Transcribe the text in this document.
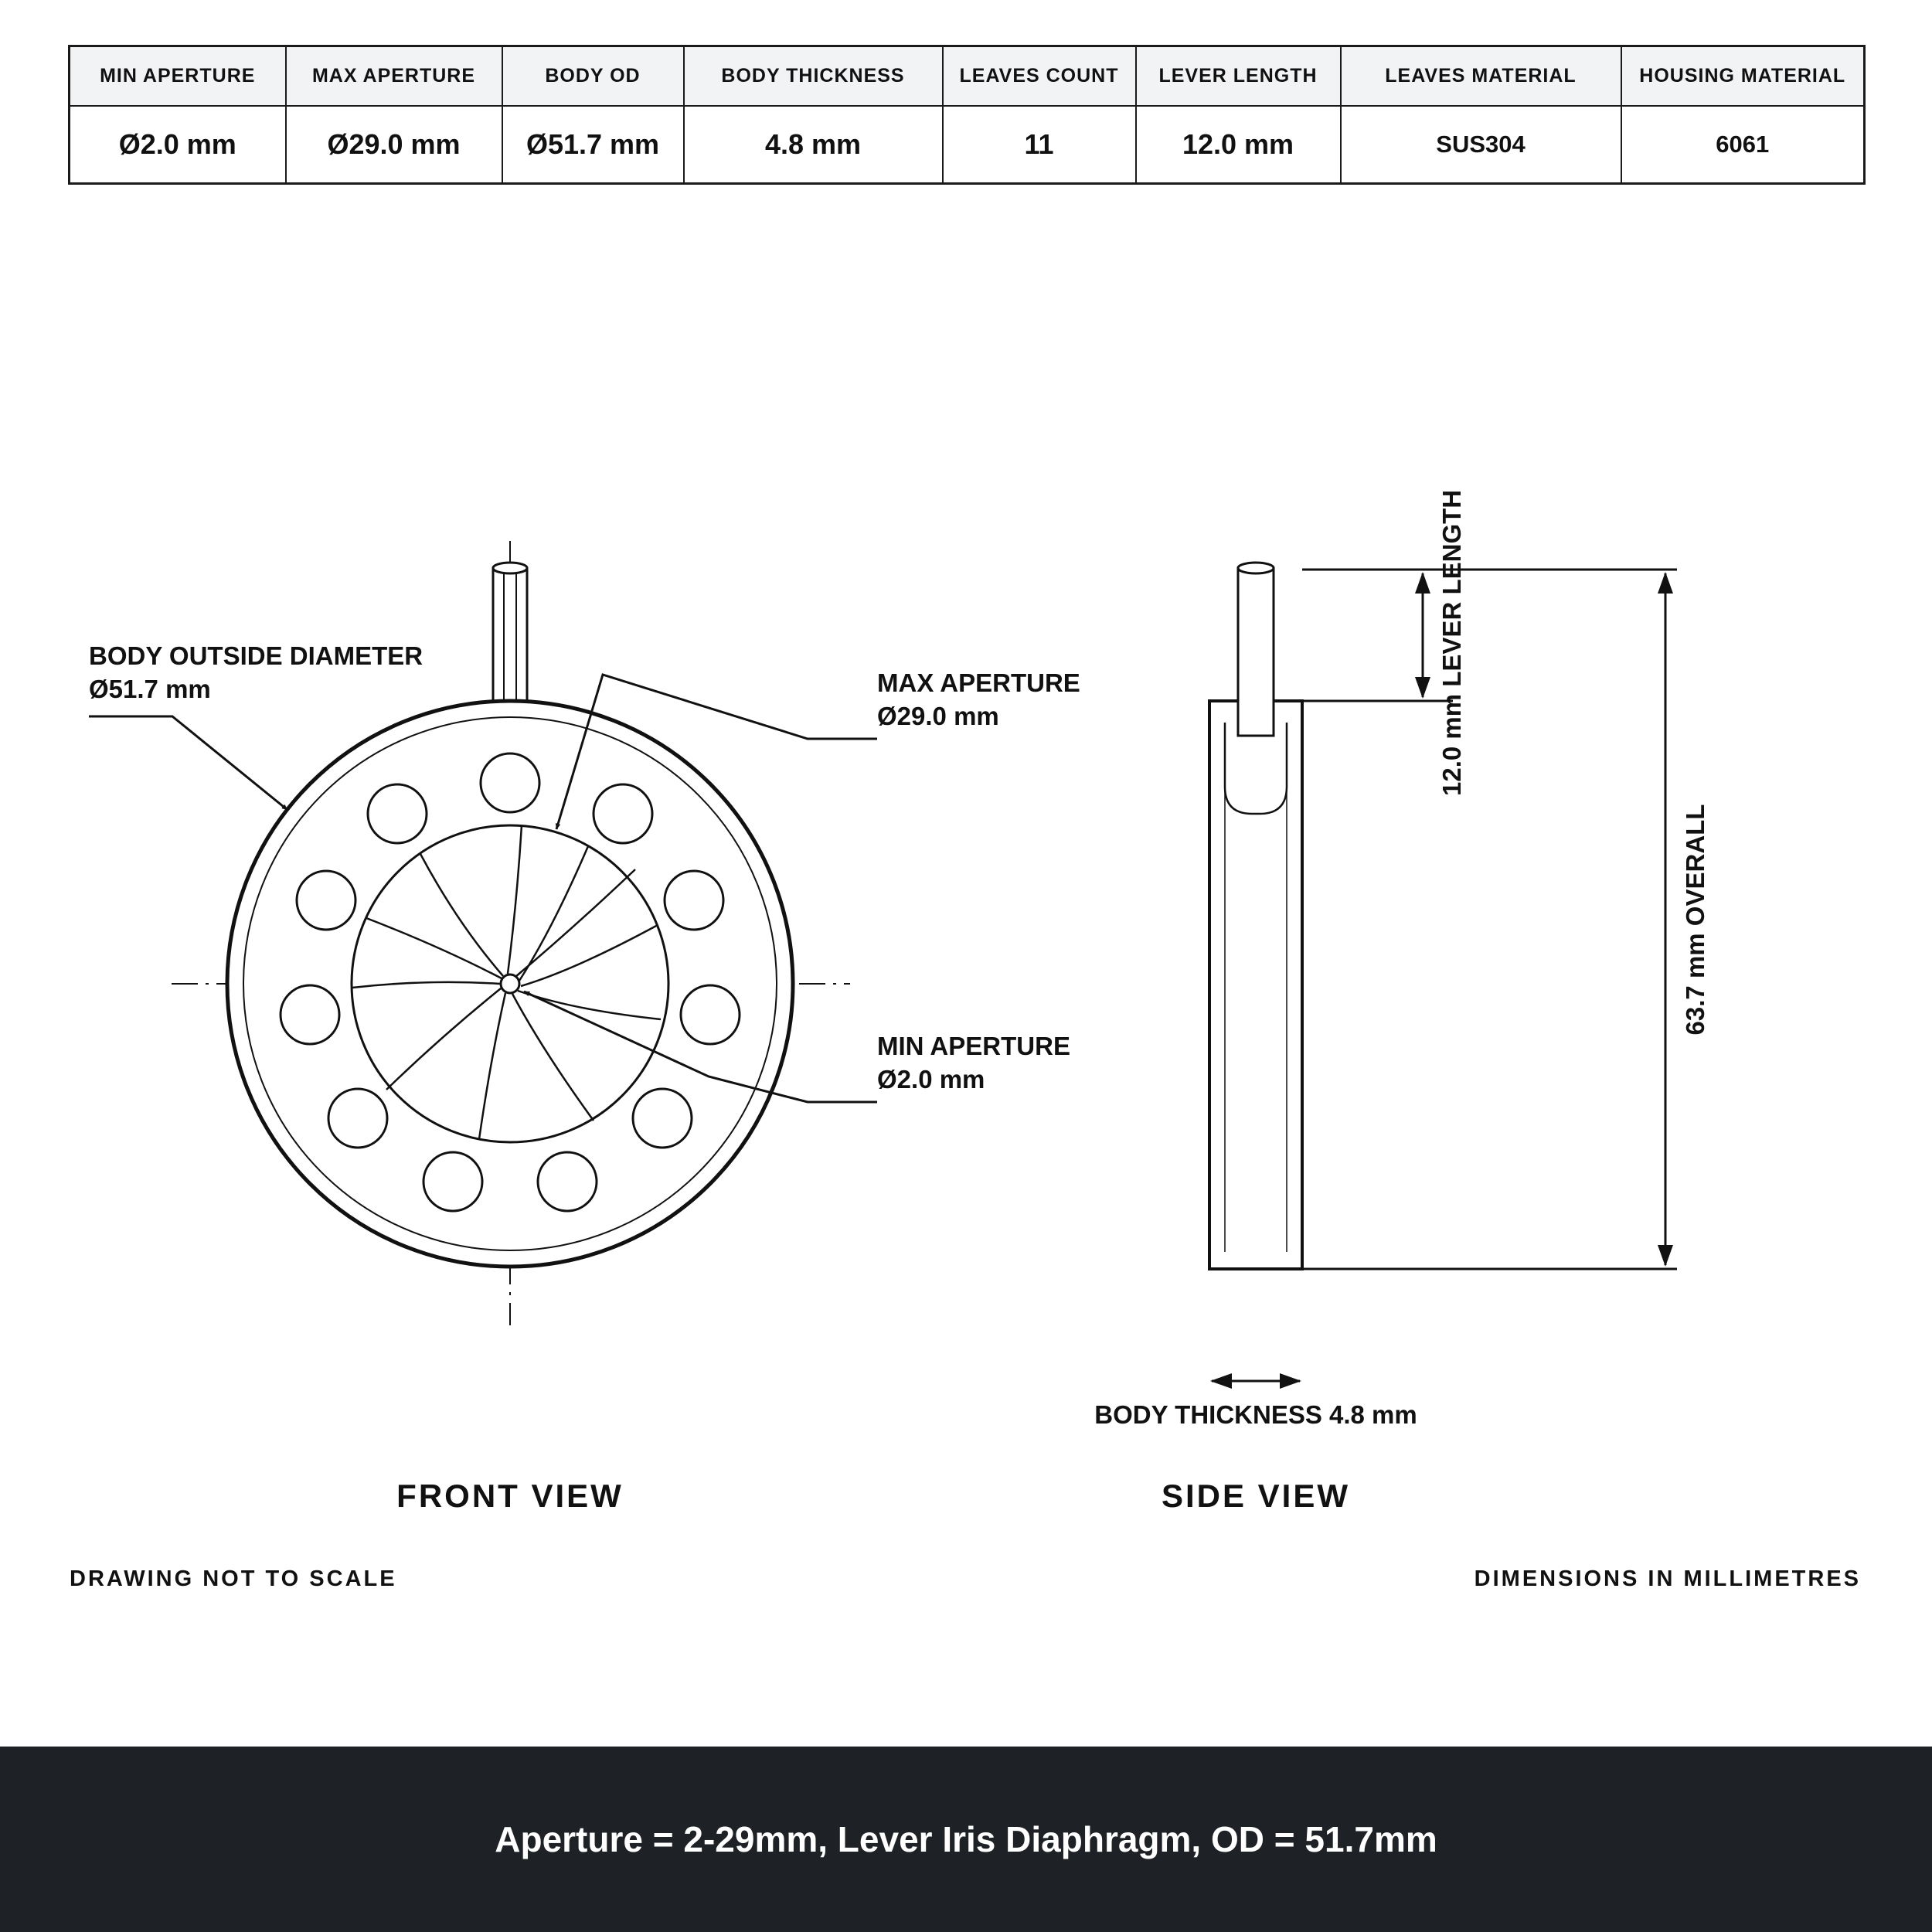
MIN APERTURE	MAX APERTURE	BODY OD	BODY THICKNESS	LEAVES COUNT	LEVER LENGTH	LEAVES MATERIAL	HOUSING MATERIAL
Ø2.0 mm	Ø29.0 mm	Ø51.7 mm	4.8 mm	11	12.0 mm	SUS304	6061
BODY OUTSIDE DIAMETER
Ø51.7 mm	MAX APERTURE
Ø29.0 mm
MIN APERTURE
Ø2.0 mm
FRONT VIEW
12.0 mm LEVER LENGTH
63.7 mm OVERALL
BODY THICKNESS 4.8 mm
SIDE VIEW
DRAWING NOT TO SCALE	DIMENSIONS IN MILLIMETRES
Aperture = 2-29mm, Lever Iris Diaphragm, OD = 51.7mm
